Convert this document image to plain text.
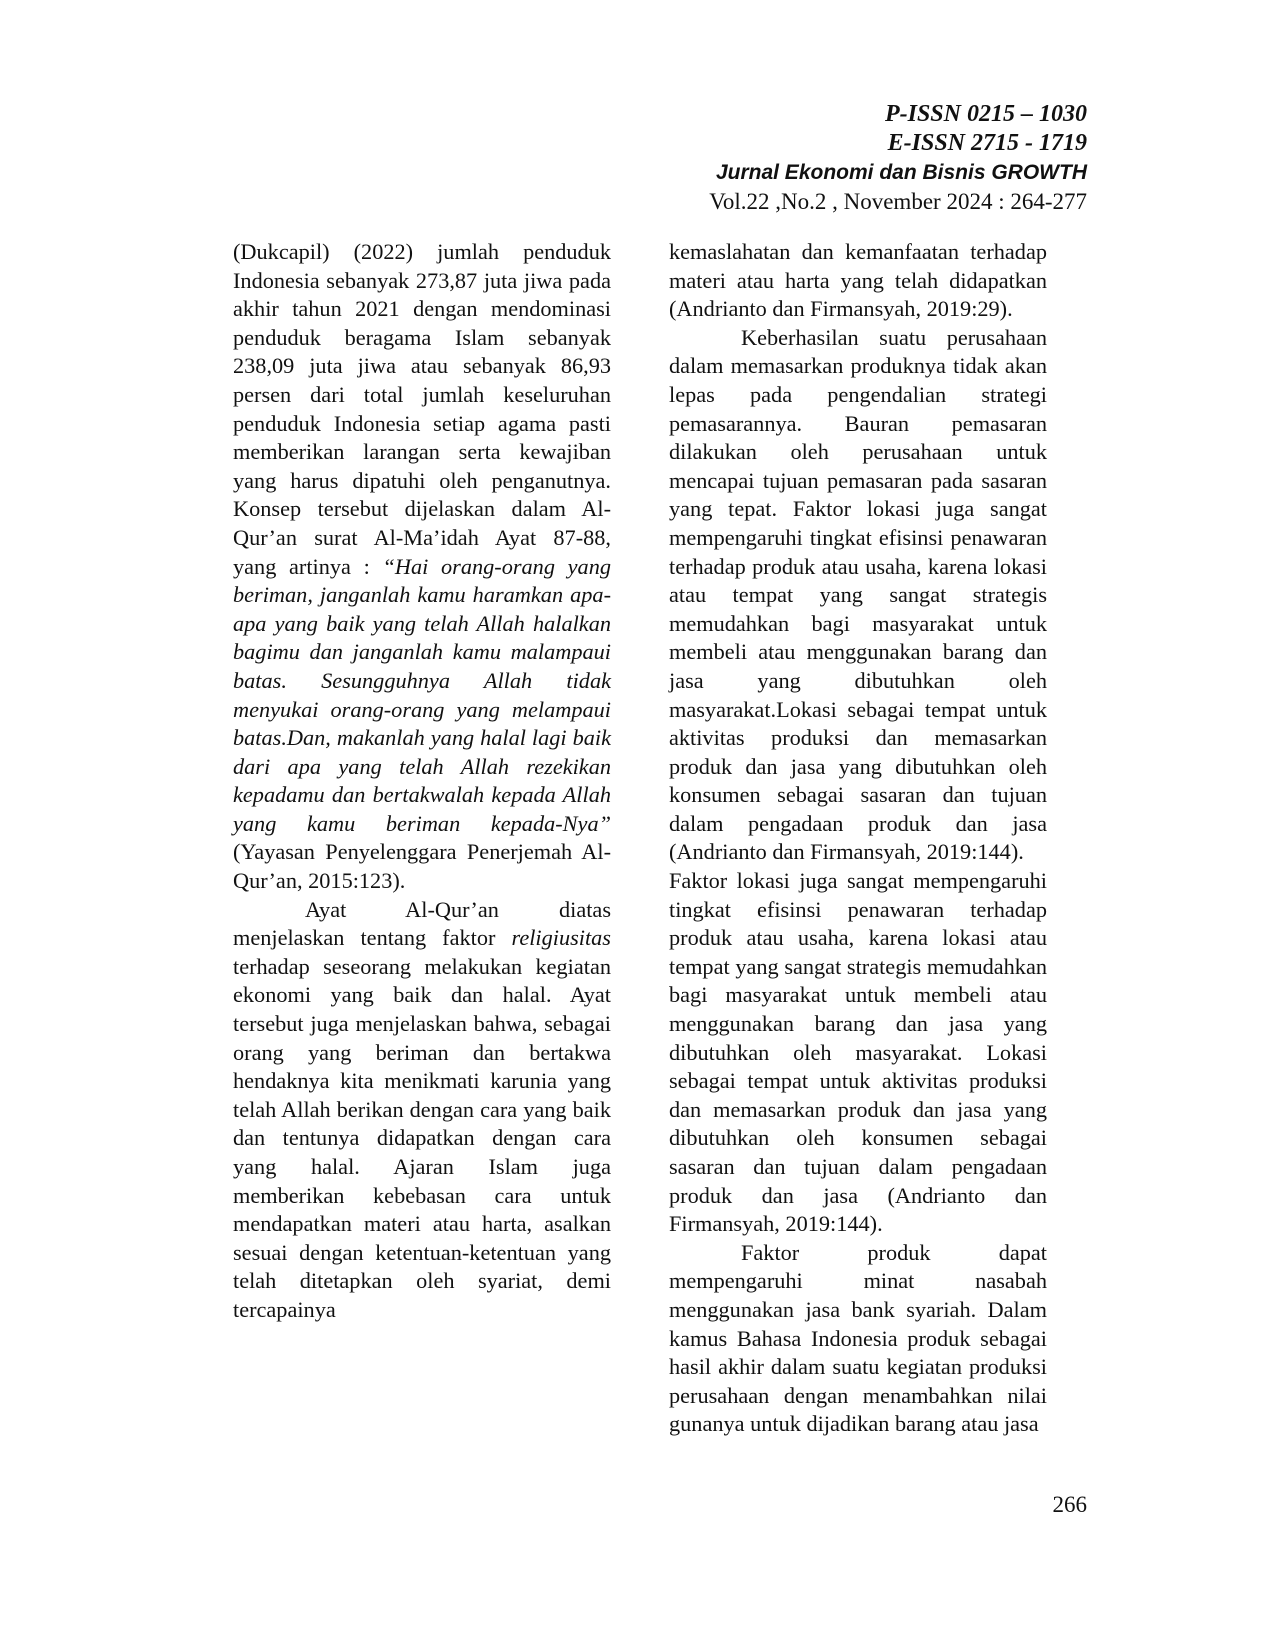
P-ISSN 0215 – 1030
E-ISSN 2715 - 1719
Jurnal Ekonomi dan Bisnis GROWTH
Vol.22 ,No.2 , November 2024 : 264-277

(Dukcapil) (2022) jumlah penduduk Indonesia sebanyak 273,87 juta jiwa pada akhir tahun 2021 dengan mendominasi penduduk beragama Islam sebanyak 238,09 juta jiwa atau sebanyak 86,93 persen dari total jumlah keseluruhan penduduk Indonesia setiap agama pasti memberikan larangan serta kewajiban yang harus dipatuhi oleh penganutnya. Konsep tersebut dijelaskan dalam Al-Qur’an surat Al-Ma’idah Ayat 87-88, yang artinya : “Hai orang-orang yang beriman, janganlah kamu haramkan apa-apa yang baik yang telah Allah halalkan bagimu dan janganlah kamu malampaui batas. Sesungguhnya Allah tidak menyukai orang-orang yang melampaui batas.Dan, makanlah yang halal lagi baik dari apa yang telah Allah rezekikan kepadamu dan bertakwalah kepada Allah yang kamu beriman kepada-Nya” (Yayasan Penyelenggara Penerjemah Al-Qur’an, 2015:123).

Ayat Al-Qur’an diatas menjelaskan tentang faktor religiusitas terhadap seseorang melakukan kegiatan ekonomi yang baik dan halal. Ayat tersebut juga menjelaskan bahwa, sebagai orang yang beriman dan bertakwa hendaknya kita menikmati karunia yang telah Allah berikan dengan cara yang baik dan tentunya didapatkan dengan cara yang halal. Ajaran Islam juga memberikan kebebasan cara untuk mendapatkan materi atau harta, asalkan sesuai dengan ketentuan-ketentuan yang telah ditetapkan oleh syariat, demi tercapainya

kemaslahatan dan kemanfaatan terhadap materi atau harta yang telah didapatkan (Andrianto dan Firmansyah, 2019:29).

Keberhasilan suatu perusahaan dalam memasarkan produknya tidak akan lepas pada pengendalian strategi pemasarannya. Bauran pemasaran dilakukan oleh perusahaan untuk mencapai tujuan pemasaran pada sasaran yang tepat. Faktor lokasi juga sangat mempengaruhi tingkat efisinsi penawaran terhadap produk atau usaha, karena lokasi atau tempat yang sangat strategis memudahkan bagi masyarakat untuk membeli atau menggunakan barang dan jasa yang dibutuhkan oleh masyarakat.Lokasi sebagai tempat untuk aktivitas produksi dan memasarkan produk dan jasa yang dibutuhkan oleh konsumen sebagai sasaran dan tujuan dalam pengadaan produk dan jasa (Andrianto dan Firmansyah, 2019:144).

Faktor lokasi juga sangat mempengaruhi tingkat efisinsi penawaran terhadap produk atau usaha, karena lokasi atau tempat yang sangat strategis memudahkan bagi masyarakat untuk membeli atau menggunakan barang dan jasa yang dibutuhkan oleh masyarakat. Lokasi sebagai tempat untuk aktivitas produksi dan memasarkan produk dan jasa yang dibutuhkan oleh konsumen sebagai sasaran dan tujuan dalam pengadaan produk dan jasa (Andrianto dan Firmansyah, 2019:144).

Faktor produk dapat mempengaruhi minat nasabah menggunakan jasa bank syariah. Dalam kamus Bahasa Indonesia produk sebagai hasil akhir dalam suatu kegiatan produksi perusahaan dengan menambahkan nilai gunanya untuk dijadikan barang atau jasa

266
